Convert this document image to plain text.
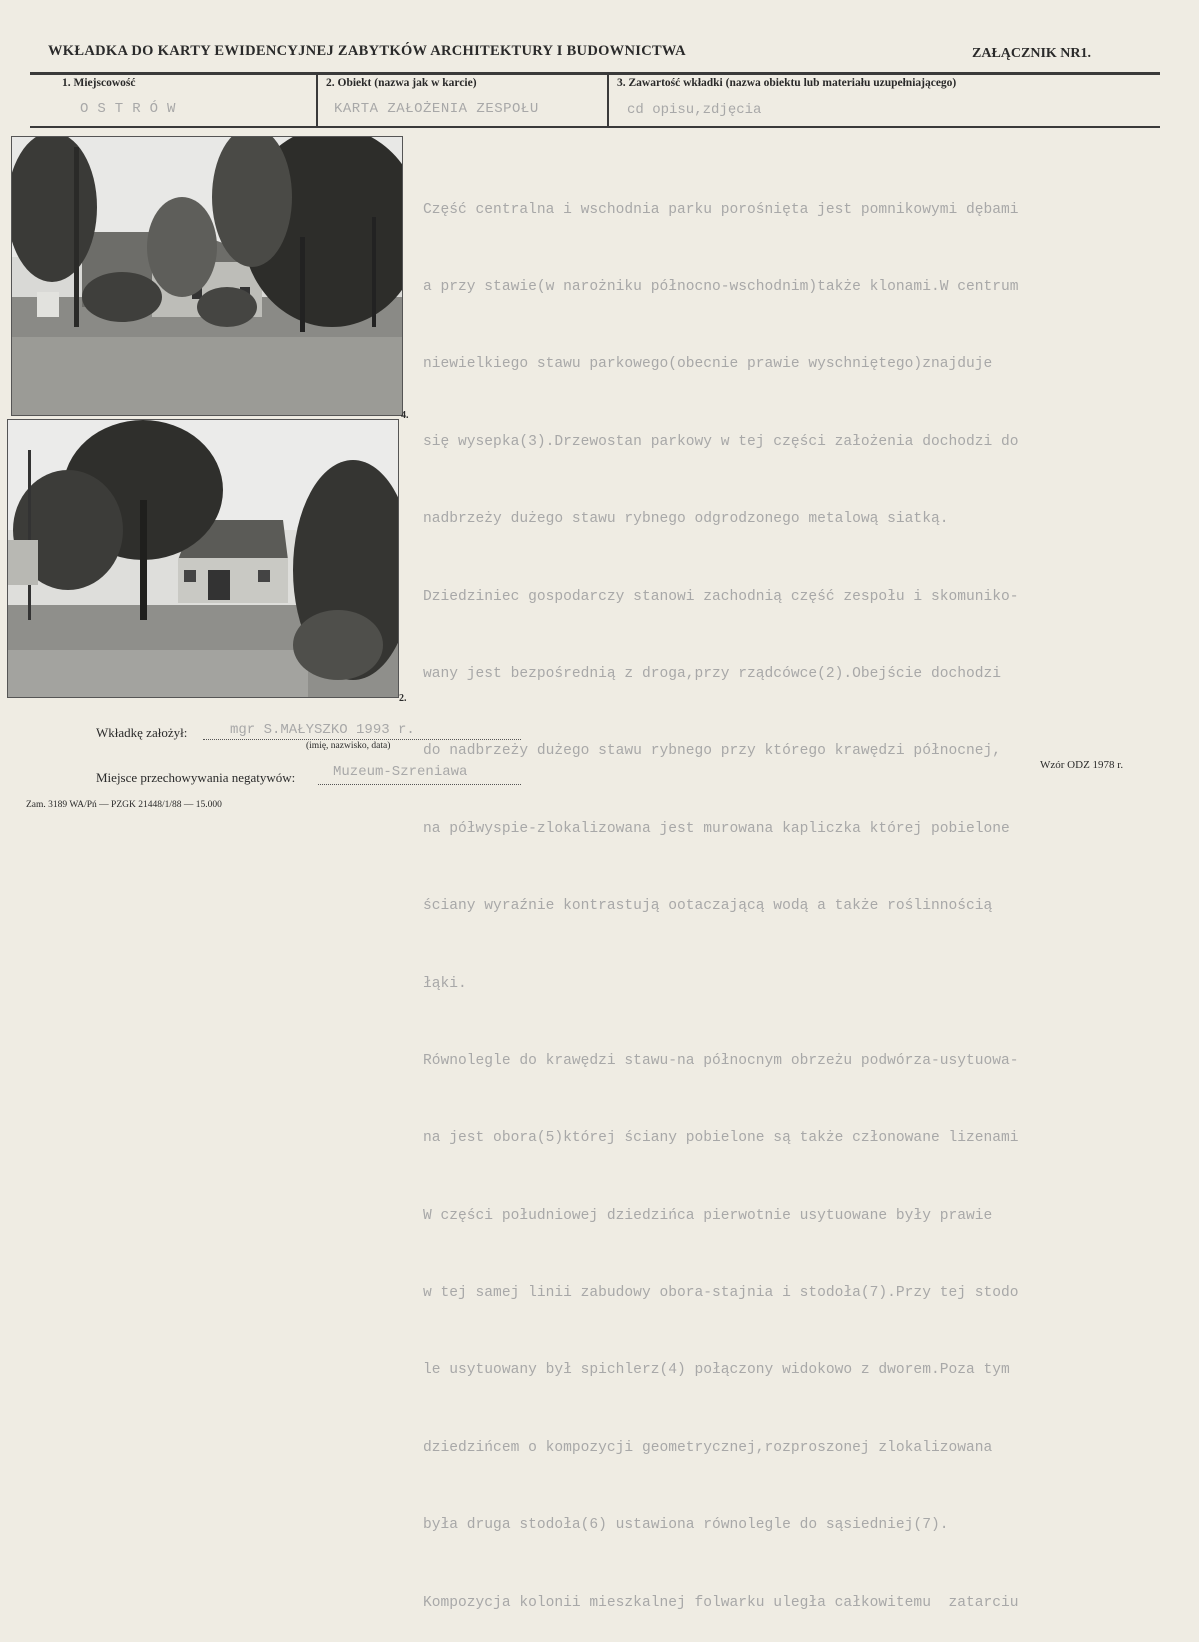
WKŁADKA DO KARTY EWIDENCYJNEJ ZABYTKÓW ARCHITEKTURY I BUDOWNICTWA	ZAŁĄCZNIK NR1.
1. Miejscowość	2. Obiekt (nazwa jak w karcie)	3. Zawartość wkładki (nazwa obiektu lub materiału uzupełniającego)
OSTRÓW	KARTA ZAŁOŻENIA ZESPOŁU	cd opisu,zdjęcia
4.
2.

Część centralna i wschodnia parku porośnięta jest pomnikowymi dębami

a przy stawie(w narożniku północno-wschodnim)także klonami.W centrum

niewielkiego stawu parkowego(obecnie prawie wyschniętego)znajduje

się wysepka(3).Drzewostan parkowy w tej części założenia dochodzi do

nadbrzeży dużego stawu rybnego odgrodzonego metalową siatką.

Dziedziniec gospodarczy stanowi zachodnią część zespołu i skomuniko-

wany jest bezpośrednią z droga,przy rządcówce(2).Obejście dochodzi

do nadbrzeży dużego stawu rybnego przy którego krawędzi północnej,

na półwyspie-zlokalizowana jest murowana kapliczka której pobielone

ściany wyraźnie kontrastują ootaczającą wodą a także roślinnością

łąki.

Równolegle do krawędzi stawu-na północnym obrzeżu podwórza-usytuowa-

na jest obora(5)której ściany pobielone są także członowane lizenami

W części południowej dziedzińca pierwotnie usytuowane były prawie

w tej samej linii zabudowy obora-stajnia i stodoła(7).Przy tej stodo

le usytuowany był spichlerz(4) połączony widokowo z dworem.Poza tym

dziedzińcem o kompozycji geometrycznej,rozproszonej zlokalizowana

była druga stodoła(6) ustawiona równolegle do sąsiedniej(7).

Kompozycja kolonii mieszkalnej folwarku uległa całkowitemu  zatarciu

Wkładkę założył:	mgr S.MAŁYSZKO 1993 r.
(imię, nazwisko, data)
Miejsce przechowywania negatywów:	Muzeum-Szreniawa	Wzór ODZ 1978 r.
Zam. 3189 WA/Pń — PZGK 21448/1/88 — 15.000
